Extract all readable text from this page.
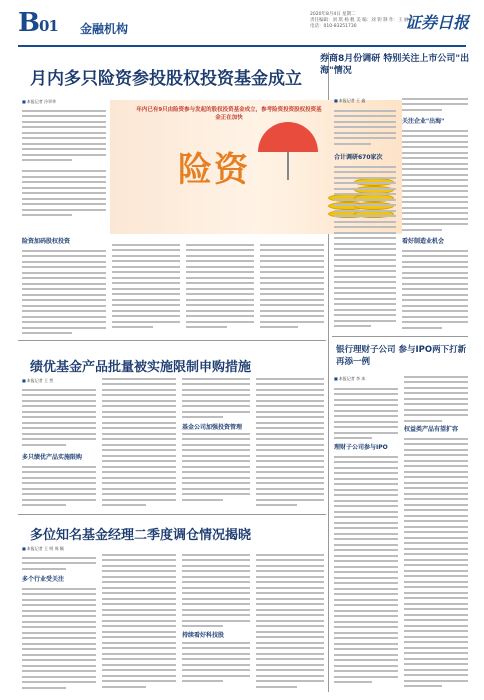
B01 金融机构
2020年8月4日 星期二
责任编辑：刘 琪 杨 帆 美 编：刘 钥 制 作：王 丽 凤
电话：010-83251730	证券日报
月内多只险资参投股权投资基金成立
■ 本报记者 冷翠华
年内已有9只由险资参与发起的股权投资基金成立，参考险资投资股权投资基金正在加快
险资
险资加码股权投资
券商8月份调研 特别关注上市公司"出海"情况
■ 本报记者 王 鑫
合计调研670家次
关注企业"出海"
看好制造业机会
绩优基金产品批量被实施限制申购措施
■ 本报记者 王 然
多只绩优产品实施限购
基金公司加强投资管理
银行理财子公司 参与IPO两下打新再添一例
■ 本报记者 李 冰
理财子公司参与IPO
权益类产品有望扩容
多位知名基金经理二季度调仓情况揭晓
■ 本报记者 王 明 周 颖
多个行业受关注
持续看好科技股
